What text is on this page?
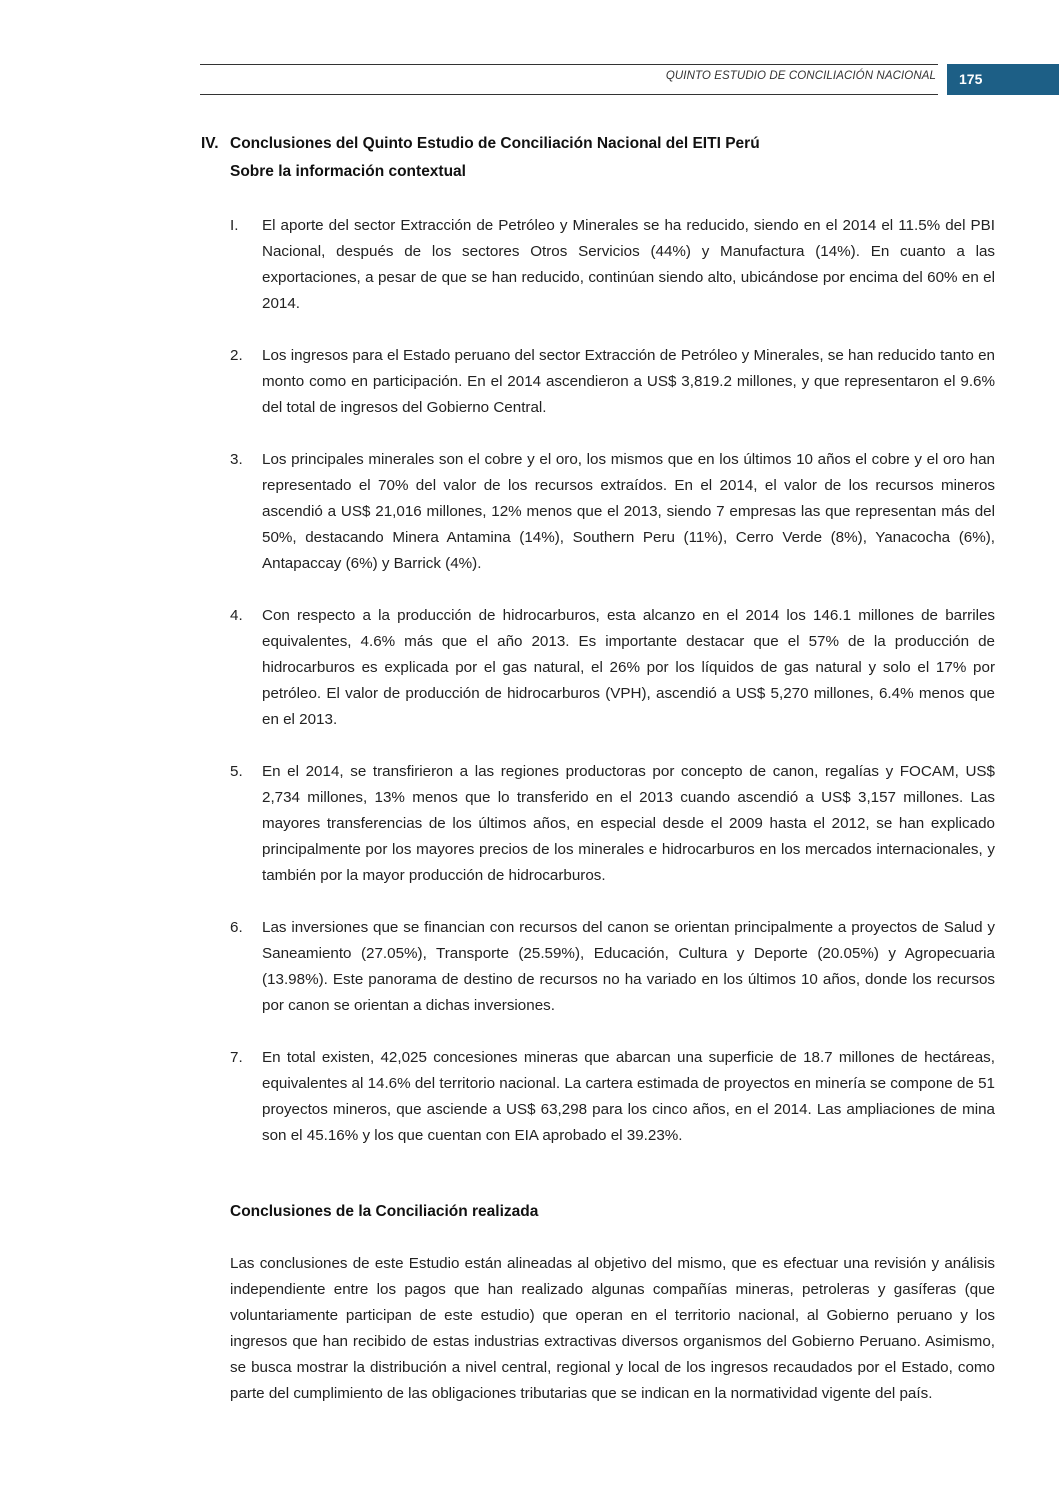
QUINTO ESTUDIO DE CONCILIACIÓN NACIONAL 175
IV. Conclusiones del Quinto Estudio de Conciliación Nacional del EITI Perú
Sobre la información contextual
I. El aporte del sector Extracción de Petróleo y Minerales se ha reducido, siendo en el 2014 el 11.5% del PBI Nacional, después de los sectores Otros Servicios (44%) y Manufactura (14%). En cuanto a las exportaciones, a pesar de que se han reducido, continúan siendo alto, ubicándose por encima del 60% en el 2014.
2. Los ingresos para el Estado peruano del sector Extracción de Petróleo y Minerales, se han reducido tanto en monto como en participación. En el 2014 ascendieron a US$ 3,819.2 millones, y que representaron el 9.6% del total de ingresos del Gobierno Central.
3. Los principales minerales son el cobre y el oro, los mismos que en los últimos 10 años el cobre y el oro han representado el 70% del valor de los recursos extraídos. En el 2014, el valor de los recursos mineros ascendió a US$ 21,016 millones, 12% menos que el 2013, siendo 7 empresas las que representan más del 50%, destacando Minera Antamina (14%), Southern Peru (11%), Cerro Verde (8%), Yanacocha (6%), Antapaccay (6%) y Barrick (4%).
4. Con respecto a la producción de hidrocarburos, esta alcanzo en el 2014 los 146.1 millones de barriles equivalentes, 4.6% más que el año 2013. Es importante destacar que el 57% de la producción de hidrocarburos es explicada por el gas natural, el 26% por los líquidos de gas natural y solo el 17% por petróleo. El valor de producción de hidrocarburos (VPH), ascendió a US$ 5,270 millones, 6.4% menos que en el 2013.
5. En el 2014, se transfirieron a las regiones productoras por concepto de canon, regalías y FOCAM, US$ 2,734 millones, 13% menos que lo transferido en el 2013 cuando ascendió a US$ 3,157 millones. Las mayores transferencias de los últimos años, en especial desde el 2009 hasta el 2012, se han explicado principalmente por los mayores precios de los minerales e hidrocarburos en los mercados internacionales, y también por la mayor producción de hidrocarburos.
6. Las inversiones que se financian con recursos del canon se orientan principalmente a proyectos de Salud y Saneamiento (27.05%), Transporte (25.59%), Educación, Cultura y Deporte (20.05%) y Agropecuaria (13.98%). Este panorama de destino de recursos no ha variado en los últimos 10 años, donde los recursos por canon se orientan a dichas inversiones.
7. En total existen, 42,025 concesiones mineras que abarcan una superficie de 18.7 millones de hectáreas, equivalentes al 14.6% del territorio nacional. La cartera estimada de proyectos en minería se compone de 51 proyectos mineros, que asciende a US$ 63,298 para los cinco años, en el 2014. Las ampliaciones de mina son el 45.16% y los que cuentan con EIA aprobado el 39.23%.
Conclusiones de la Conciliación realizada
Las conclusiones de este Estudio están alineadas al objetivo del mismo, que es efectuar una revisión y análisis independiente entre los pagos que han realizado algunas compañías mineras, petroleras y gasíferas (que voluntariamente participan de este estudio) que operan en el territorio nacional, al Gobierno peruano y los ingresos que han recibido de estas industrias extractivas diversos organismos del Gobierno Peruano. Asimismo, se busca mostrar la distribución a nivel central, regional y local de los ingresos recaudados por el Estado, como parte del cumplimiento de las obligaciones tributarias que se indican en la normatividad vigente del país.
